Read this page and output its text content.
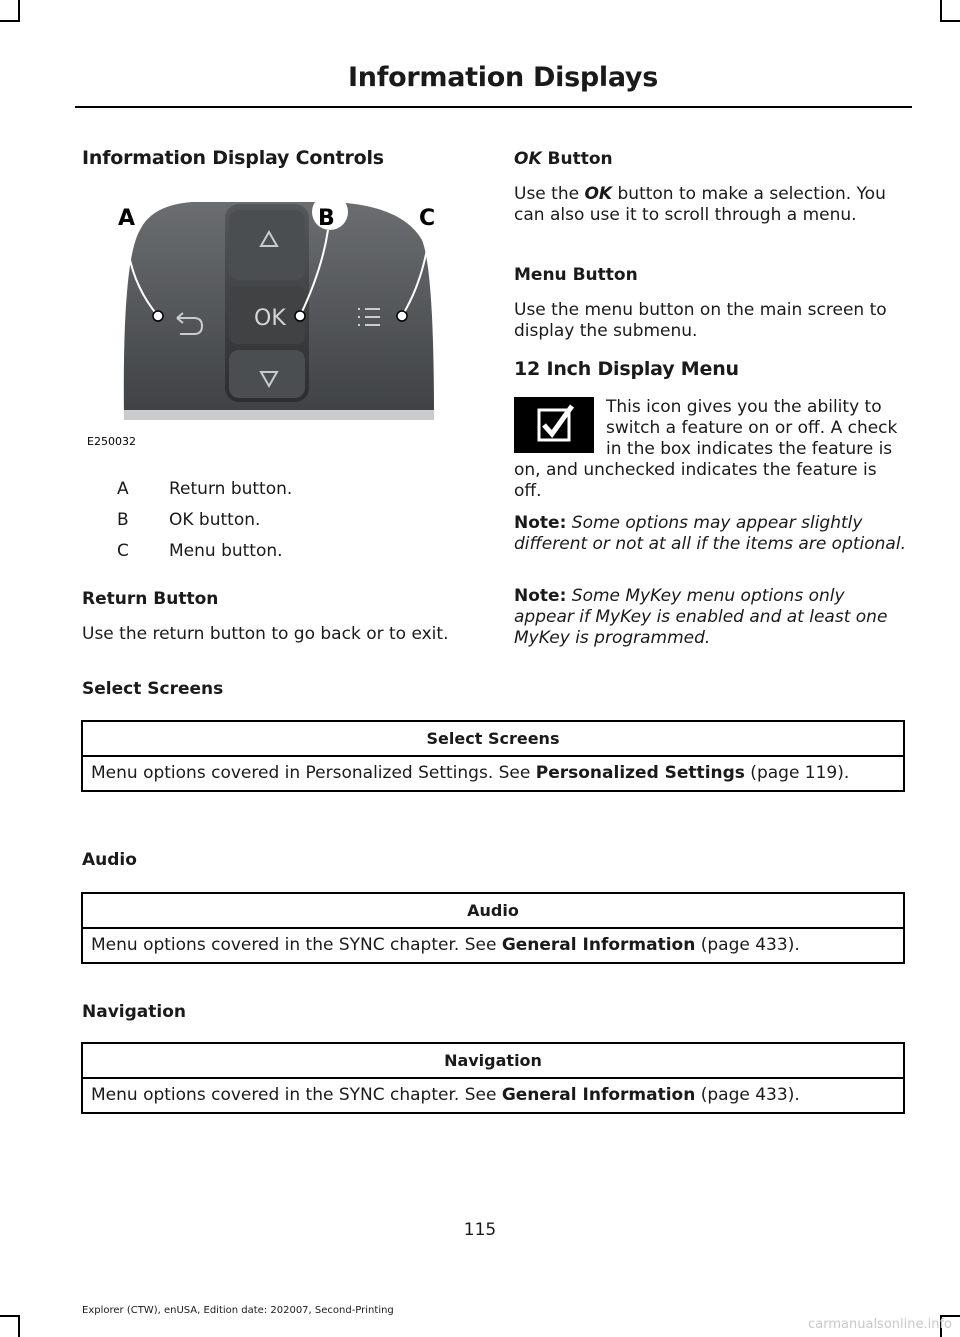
Information Displays
Information Display Controls
OK
A	B	C
E250032
A Return button.
B OK button.
C Menu button.
Return Button
Use the return button to go back or to exit.
OK Button
Use the OK button to make a selection. You can also use it to scroll through a menu.
Menu Button
Use the menu button on the main screen to display the submenu.
12 Inch Display Menu
This icon gives you the ability to switch a feature on or off. A check in the box indicates the feature is on, and unchecked indicates the feature is off.
Note: Some options may appear slightly different or not at all if the items are optional.
Note: Some MyKey menu options only appear if MyKey is enabled and at least one MyKey is programmed.
Select Screens
Select Screens
Menu options covered in Personalized Settings. See Personalized Settings (page 119).
Audio
Audio
Menu options covered in the SYNC chapter. See General Information (page 433).
Navigation
Navigation
Menu options covered in the SYNC chapter. See General Information (page 433).
115
Explorer (CTW), enUSA, Edition date: 202007, Second-Printing
carmanualsonline.info
